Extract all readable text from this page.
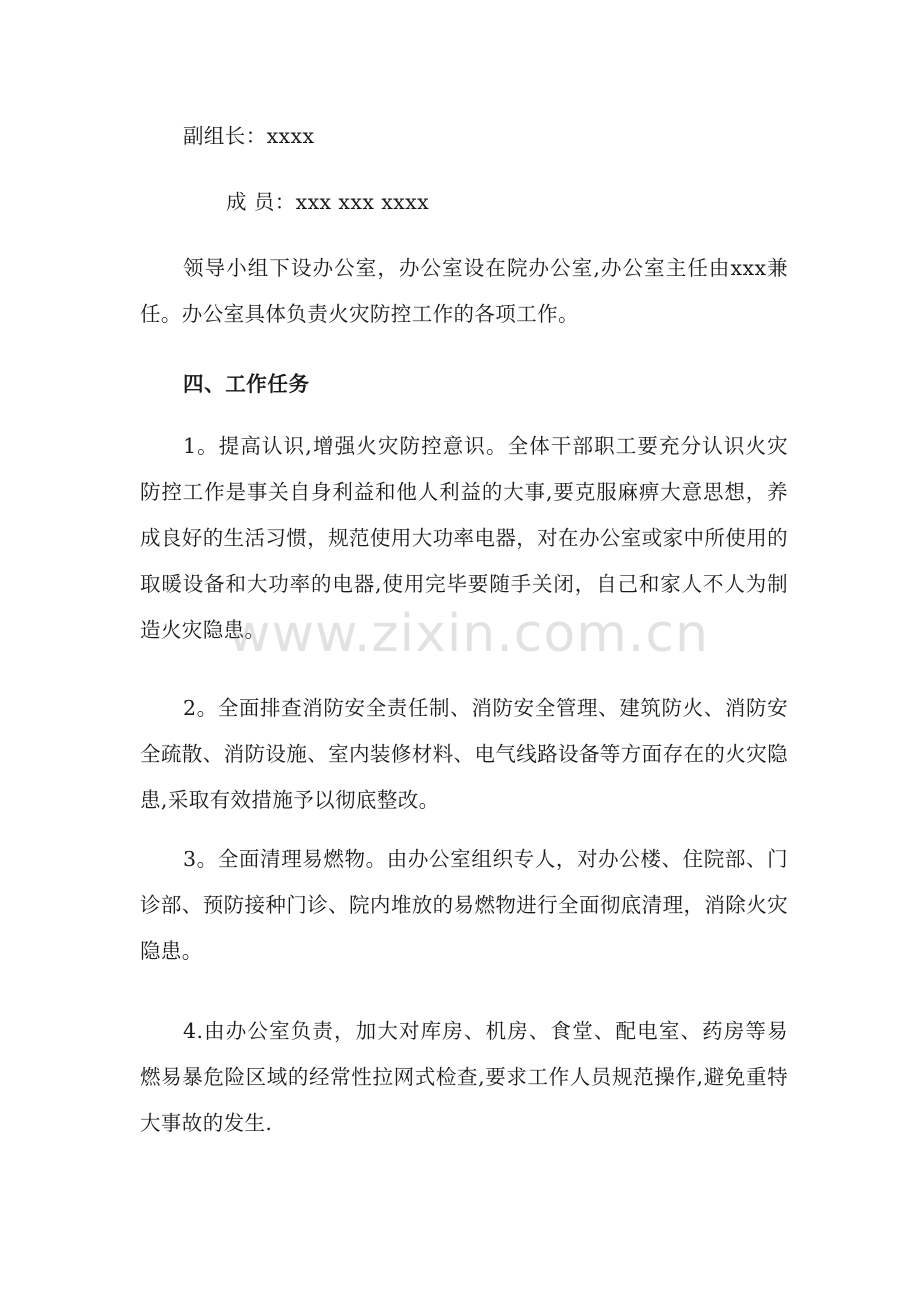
副组长：xxxx
成 员：xxx xxx xxxx
领导小组下设办公室，办公室设在院办公室,办公室主任由xxx兼任。办公室具体负责火灾防控工作的各项工作。
四、工作任务
1。提高认识,增强火灾防控意识。全体干部职工要充分认识火灾防控工作是事关自身利益和他人利益的大事,要克服麻痹大意思想，养成良好的生活习惯，规范使用大功率电器，对在办公室或家中所使用的取暖设备和大功率的电器,使用完毕要随手关闭，自己和家人不人为制造火灾隐患。
2。全面排查消防安全责任制、消防安全管理、建筑防火、消防安全疏散、消防设施、室内装修材料、电气线路设备等方面存在的火灾隐患,采取有效措施予以彻底整改。
3。全面清理易燃物。由办公室组织专人，对办公楼、住院部、门诊部、预防接种门诊、院内堆放的易燃物进行全面彻底清理，消除火灾隐患。
4.由办公室负责，加大对库房、机房、食堂、配电室、药房等易燃易暴危险区域的经常性拉网式检查,要求工作人员规范操作,避免重特大事故的发生.
www.zixin.com.cn
